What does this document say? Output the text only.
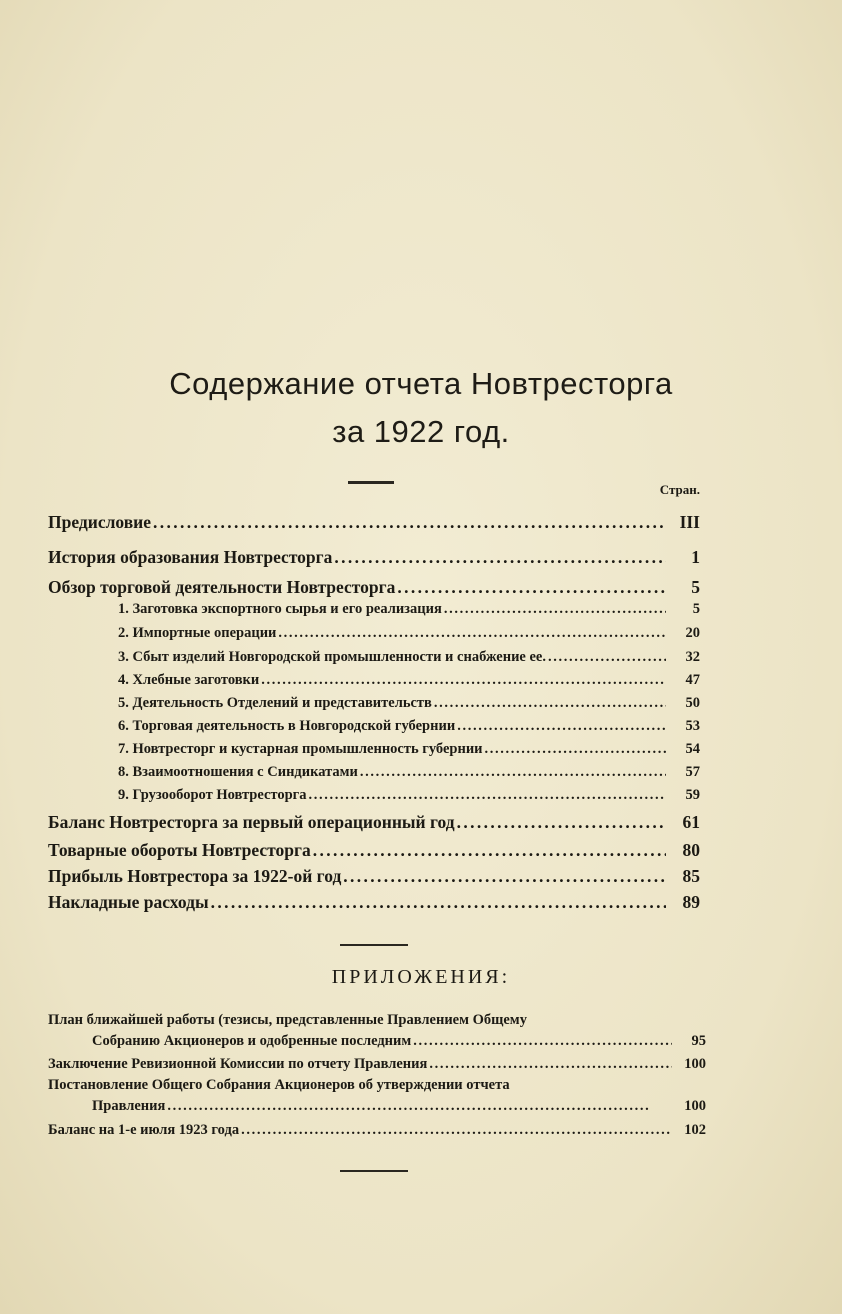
Содержание отчета Новтресторга
за 1922 год.
Стран.
Предисловие . . .	III
История образования Новтресторга . . .	1
Обзор торговой деятельности Новтресторга . . .	5
1. Заготовка экспортного сырья и его реализация . . .	5
2. Импортные операции . . .	20
3. Сбыт изделий Новгородской промышленности и снабжение ее. . . .	32
4. Хлебные заготовки . . .	47
5. Деятельность Отделений и представительств . . .	50
6. Торговая деятельность в Новгородской губернии . . .	53
7. Новтресторг и кустарная промышленность губернии . . .	54
8. Взаимоотношения с Синдикатами . . .	57
9. Грузооборот Новтресторга . . .	59
Баланс Новтресторга за первый операционный год . . .	61
Товарные обороты Новтресторга . . .	80
Прибыль Новтрестора за 1922-ой год . . .	85
Накладные расходы . . .	89
ПРИЛОЖЕНИЯ:
План ближайшей работы (тезисы, представленные Правлением Общему
Собранию Акционеров и одобренные последним . . .	95
Заключение Ревизионной Комиссии по отчету Правления . . .	100
Постановление Общего Собрания Акционеров об утверждении отчета
Правления . . .	100
Баланс на 1-е июля 1923 года . . .	102
